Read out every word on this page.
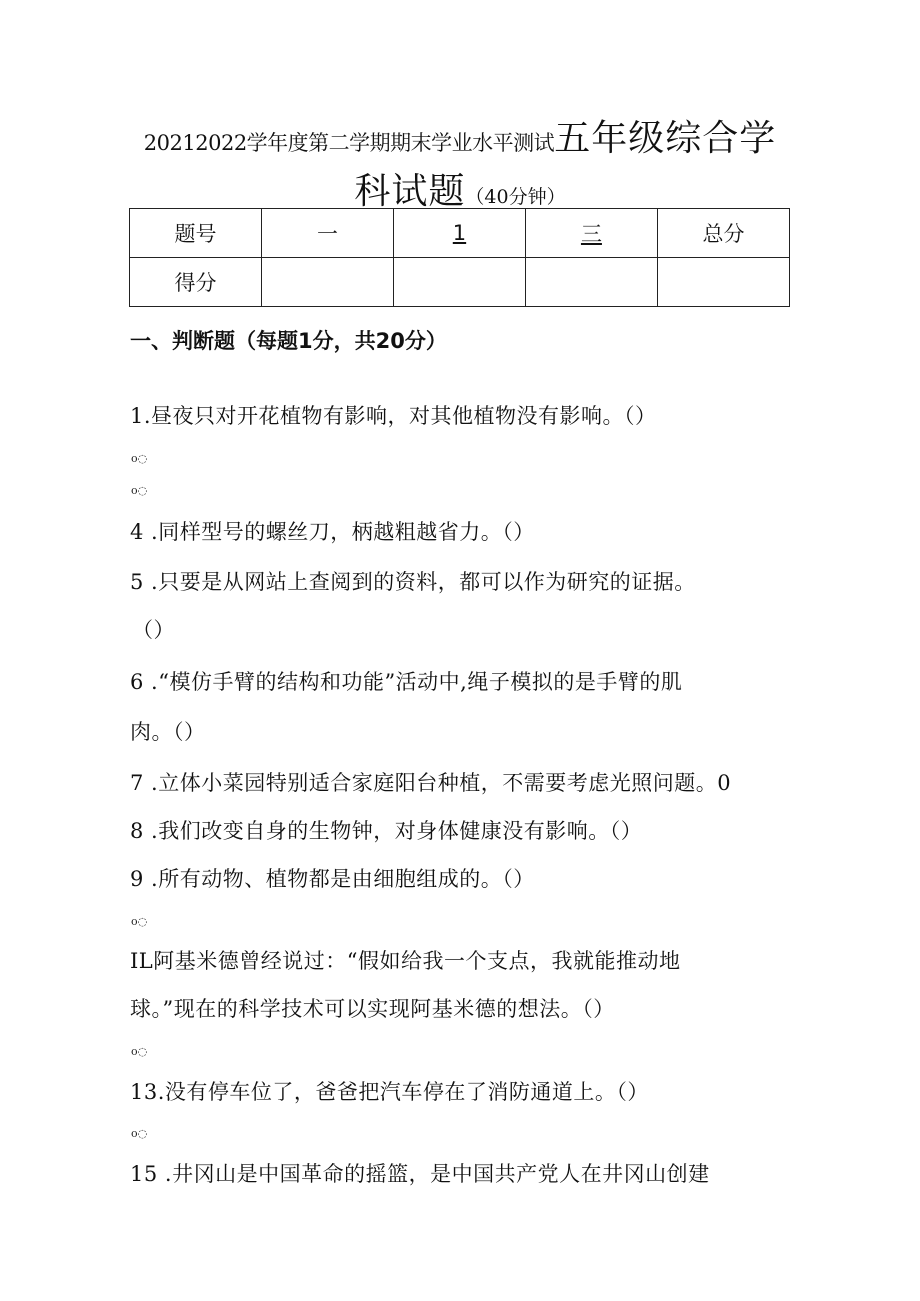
20212022学年度第二学期期末学业水平测试五年级综合学
科试题（40分钟）
题号	一	1	三	总分
得分				
一、判断题（每题1分，共20分）
1.昼夜只对开花植物有影响，对其他植物没有影响。（）
o◌
o◌
4 .同样型号的螺丝刀，柄越粗越省力。（）
5 .只要是从网站上查阅到的资料，都可以作为研究的证据。
（）
6 .“模仿手臂的结构和功能”活动中,绳子模拟的是手臂的肌
肉。（）
7 .立体小菜园特别适合家庭阳台种植，不需要考虑光照问题。0
8 .我们改变自身的生物钟，对身体健康没有影响。（）
9 .所有动物、植物都是由细胞组成的。（）
o◌
IL阿基米德曾经说过：“假如给我一个支点，我就能推动地
球。”现在的科学技术可以实现阿基米德的想法。（）
o◌
13.没有停车位了，爸爸把汽车停在了消防通道上。（）
o◌
15 .井冈山是中国革命的摇篮，是中国共产党人在井冈山创建
